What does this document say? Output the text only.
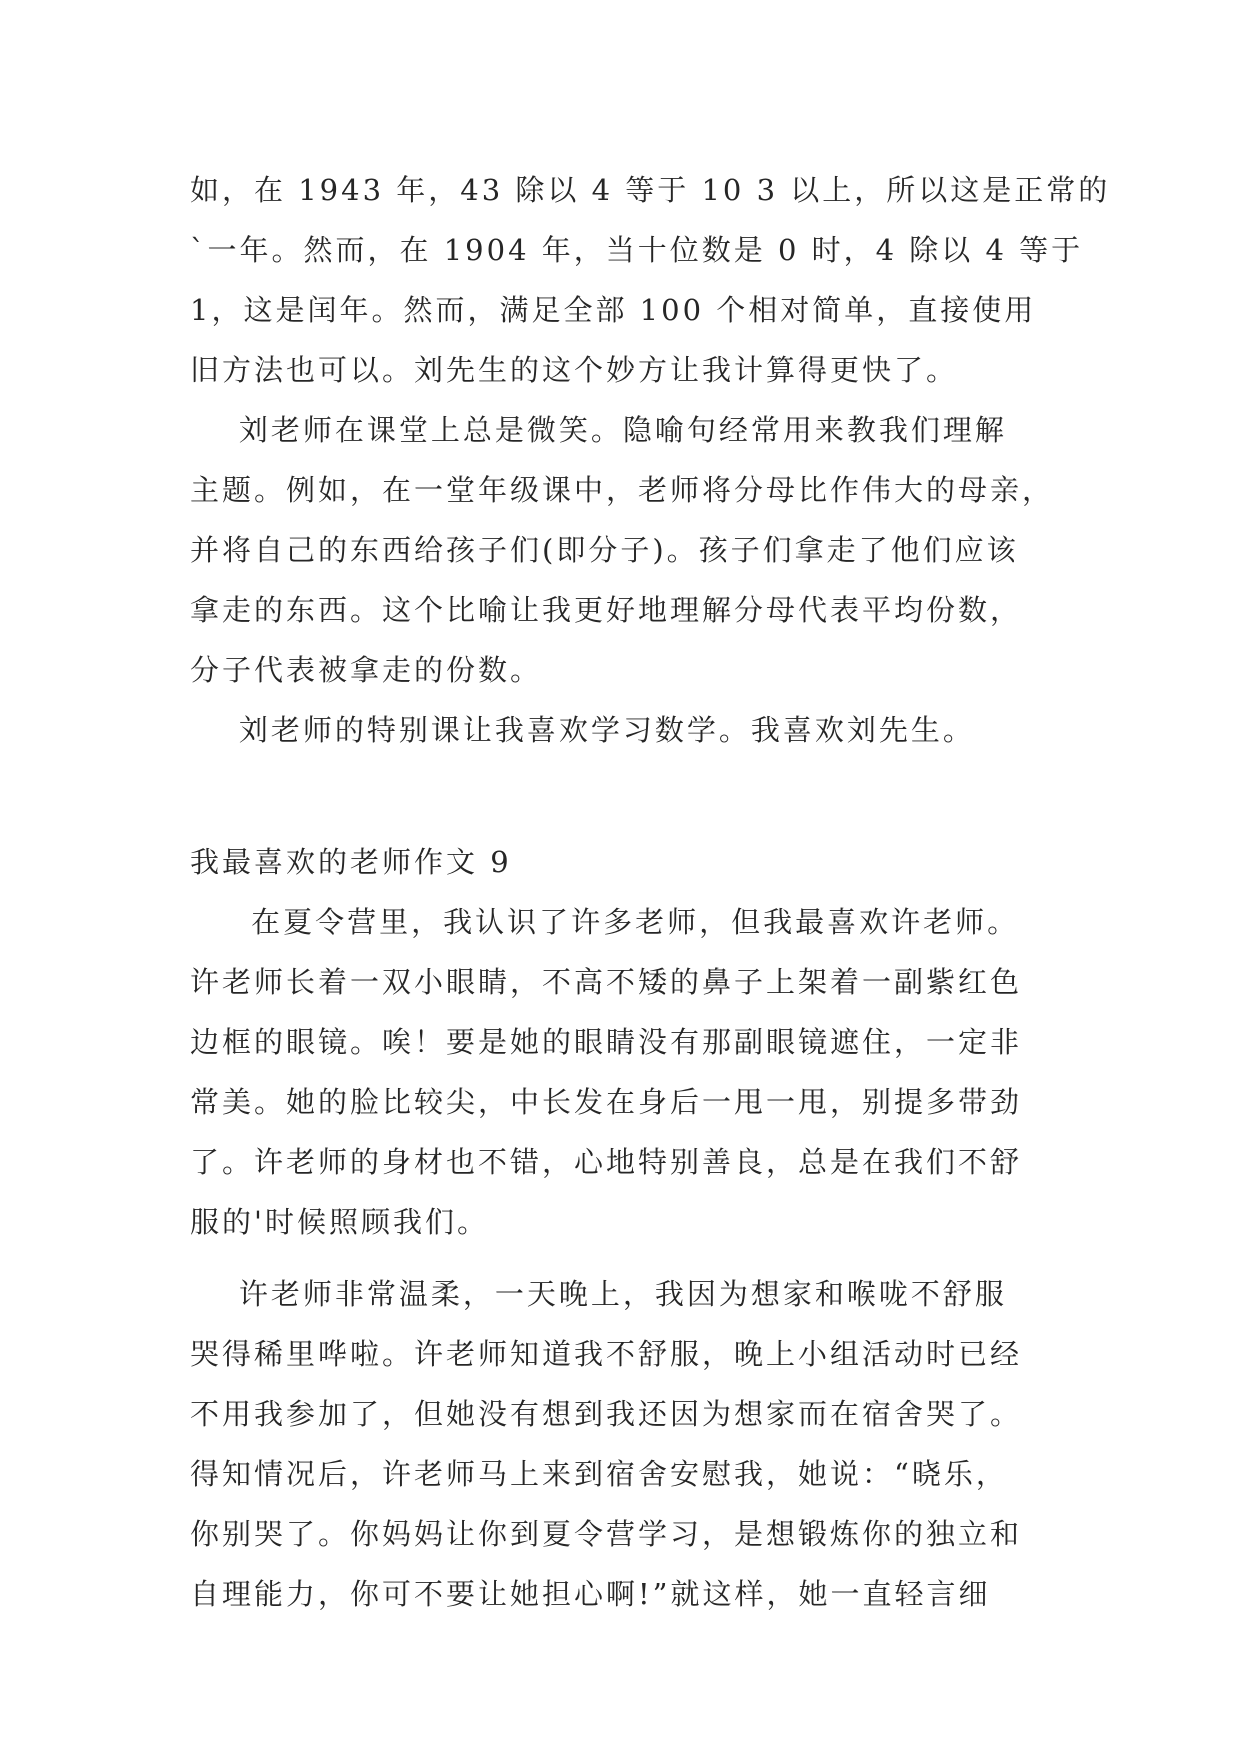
如，在 1943 年，43 除以 4 等于 10 3 以上，所以这是正常的
`一年。然而，在 1904 年，当十位数是 0 时，4 除以 4 等于
1，这是闰年。然而，满足全部 100 个相对简单，直接使用
旧方法也可以。刘先生的这个妙方让我计算得更快了。
刘老师在课堂上总是微笑。隐喻句经常用来教我们理解
主题。例如，在一堂年级课中，老师将分母比作伟大的母亲，
并将自己的东西给孩子们(即分子)。孩子们拿走了他们应该
拿走的东西。这个比喻让我更好地理解分母代表平均份数，
分子代表被拿走的份数。
刘老师的特别课让我喜欢学习数学。我喜欢刘先生。
我最喜欢的老师作文 9
在夏令营里，我认识了许多老师，但我最喜欢许老师。
许老师长着一双小眼睛，不高不矮的鼻子上架着一副紫红色
边框的眼镜。唉！要是她的眼睛没有那副眼镜遮住，一定非
常美。她的脸比较尖，中长发在身后一甩一甩，别提多带劲
了。许老师的身材也不错，心地特别善良，总是在我们不舒
服的'时候照顾我们。
许老师非常温柔，一天晚上，我因为想家和喉咙不舒服
哭得稀里哗啦。许老师知道我不舒服，晚上小组活动时已经
不用我参加了，但她没有想到我还因为想家而在宿舍哭了。
得知情况后，许老师马上来到宿舍安慰我，她说：“晓乐，
你别哭了。你妈妈让你到夏令营学习，是想锻炼你的独立和
自理能力，你可不要让她担心啊!”就这样，她一直轻言细
